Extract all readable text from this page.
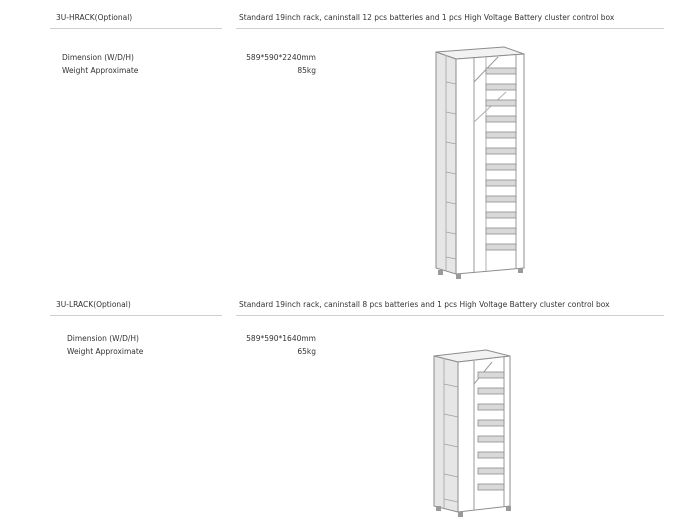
3U-HRACK(Optional)	Standard 19inch rack, caninstall 12 pcs batteries and 1 pcs High Voltage Battery cluster control box
Dimension (W/D/H)
Weight Approximate
589*590*2240mm
85kg
3U-LRACK(Optional)	Standard 19inch rack, caninstall 8 pcs batteries and 1 pcs High Voltage Battery cluster control box
Dimension (W/D/H)
Weight Approximate
589*590*1640mm
65kg
